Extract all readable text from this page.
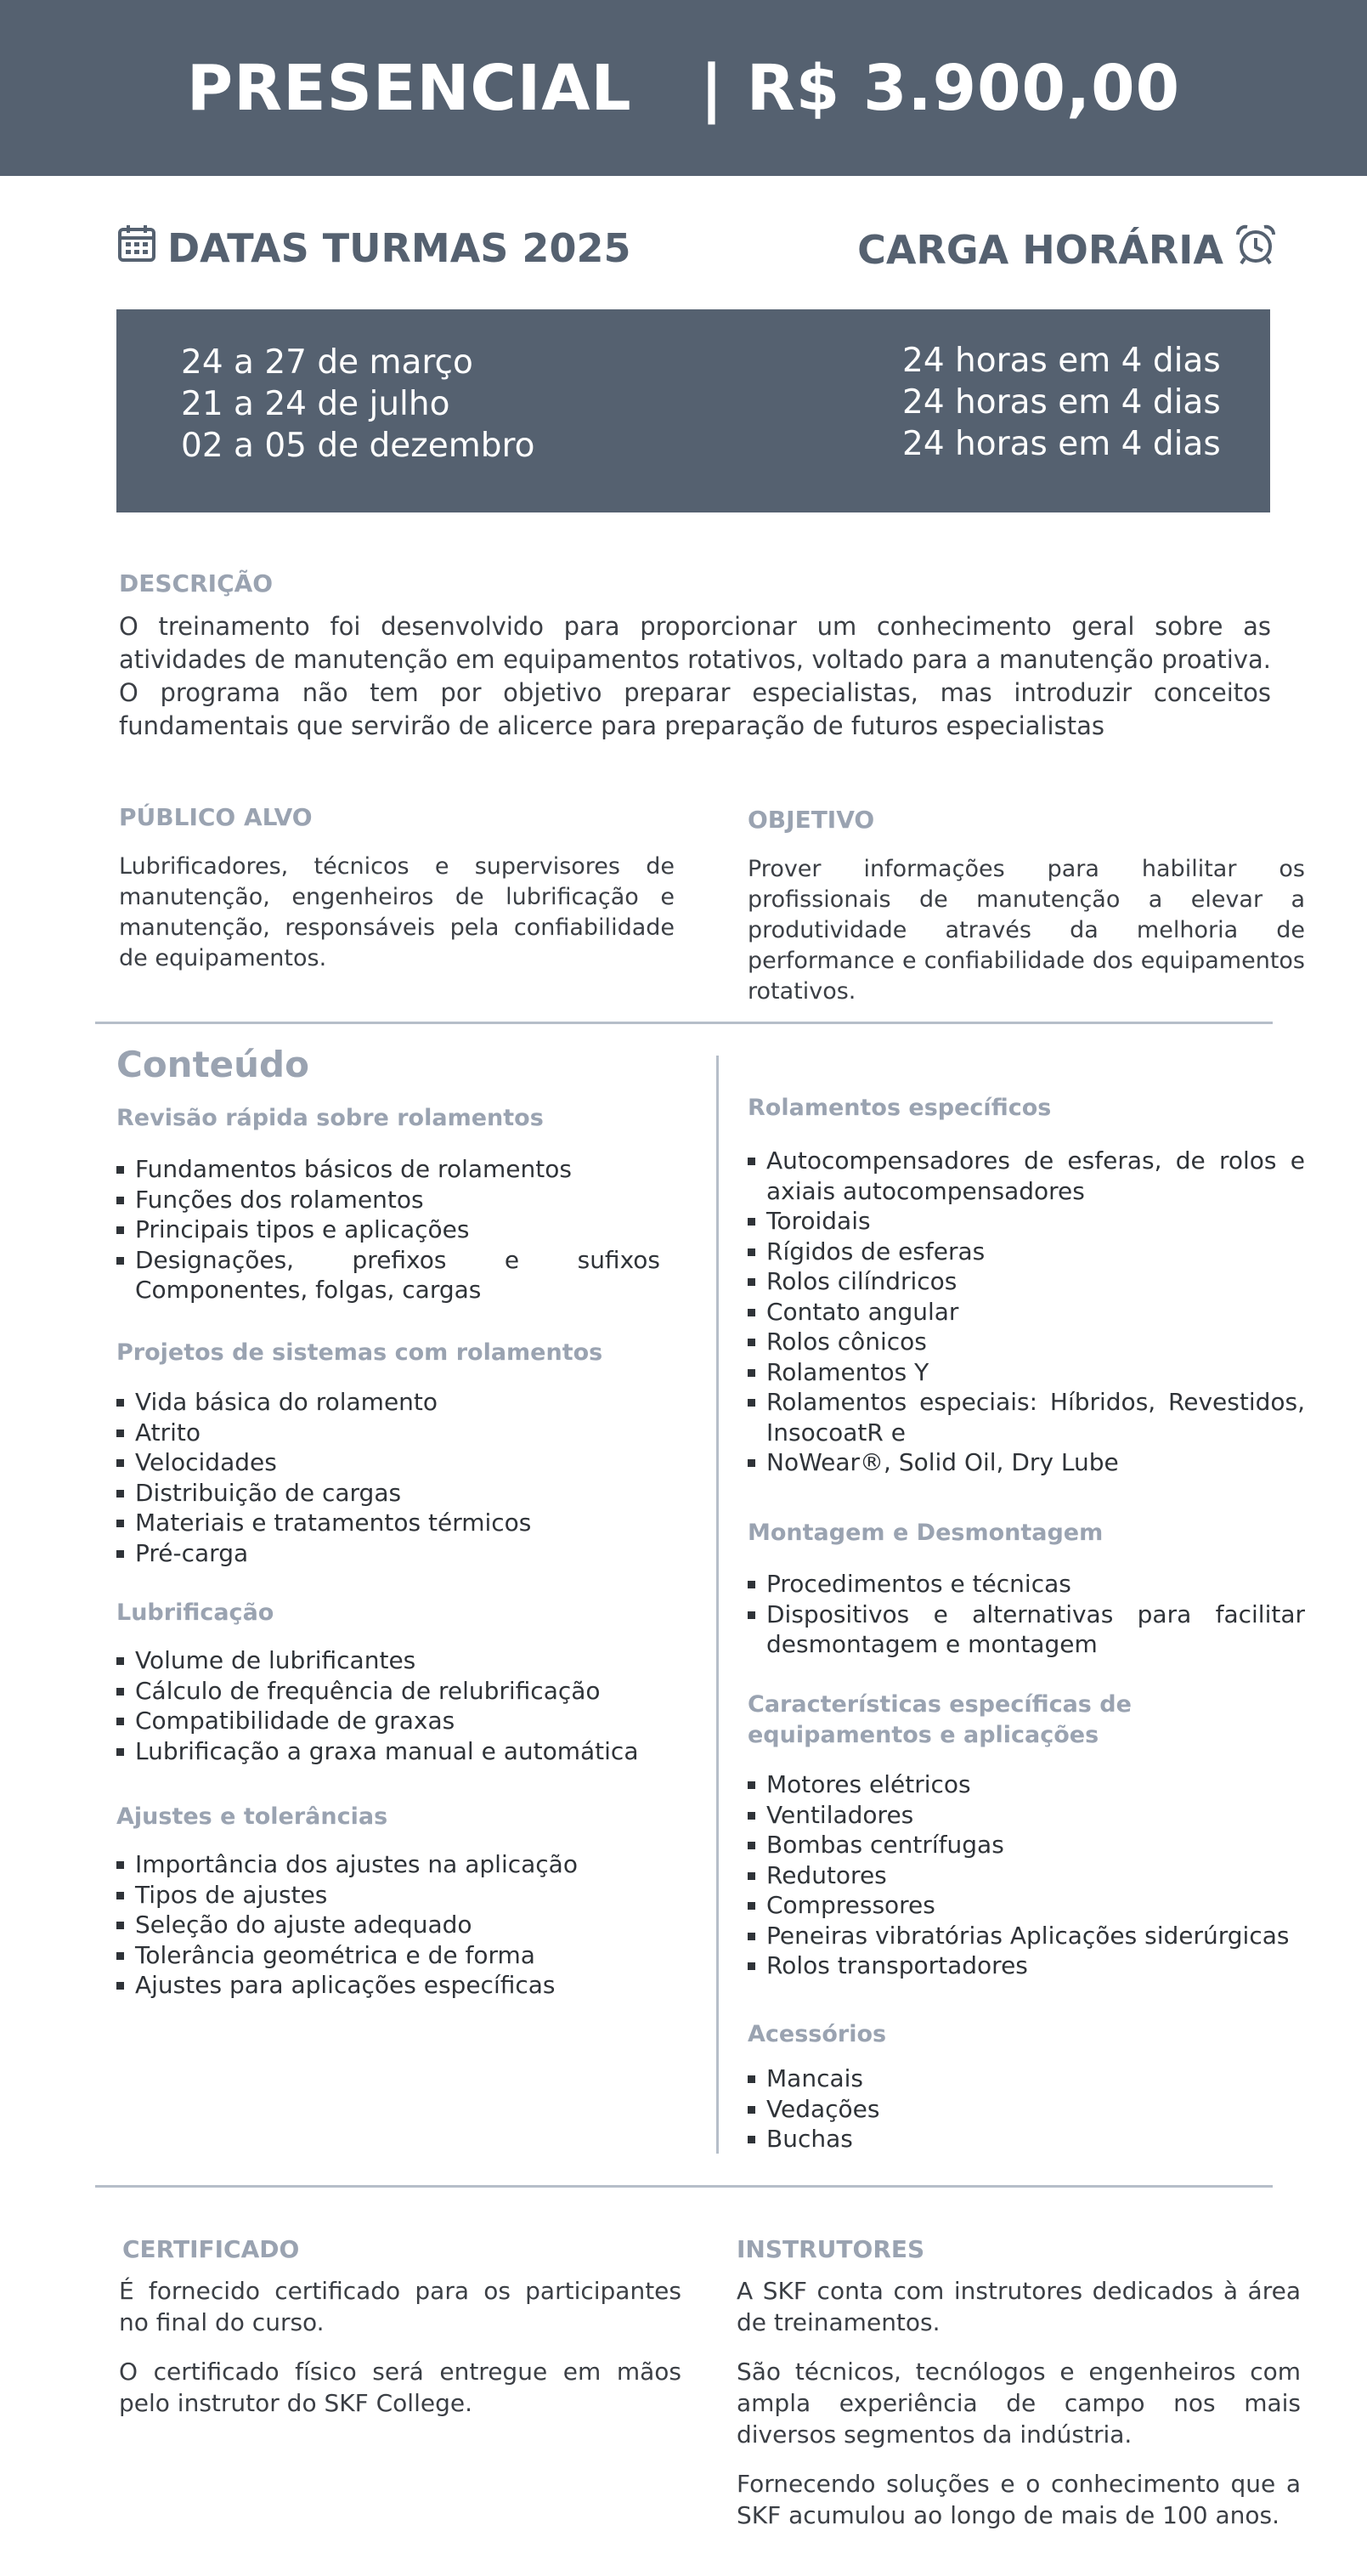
PRESENCIAL   | R$ 3.900,00
DATAS TURMAS 2025	CARGA HORÁRIA
24 a 27 de março
21 a 24 de julho
02 a 05 de dezembro
24 horas em 4 dias
24 horas em 4 dias
24 horas em 4 dias
DESCRIÇÃO
O treinamento foi desenvolvido para proporcionar um conhecimento geral sobre as atividades de manutenção em equipamentos rotativos, voltado para a manutenção proativa. O programa não tem por objetivo preparar especialistas, mas introduzir conceitos fundamentais que servirão de alicerce para preparação de futuros especialistas
PÚBLICO ALVO
Lubrificadores, técnicos e supervisores de manutenção, engenheiros de lubrificação e manutenção, responsáveis pela confiabilidade de equipamentos.
OBJETIVO
Prover informações para habilitar os profissionais de manutenção a elevar a produtividade através da melhoria de performance e confiabilidade dos equipamentos rotativos.
Conteúdo
Revisão rápida sobre rolamentos
Fundamentos básicos de rolamentos
Funções dos rolamentos
Principais tipos e aplicações
Designações, prefixos e sufixos Componentes, folgas, cargas
Projetos de sistemas com rolamentos
Vida básica do rolamento
Atrito
Velocidades
Distribuição de cargas
Materiais e tratamentos térmicos
Pré-carga
Lubrificação
Volume de lubrificantes
Cálculo de frequência de relubrificação
Compatibilidade de graxas
Lubrificação a graxa manual e automática
Ajustes e tolerâncias
Importância dos ajustes na aplicação
Tipos de ajustes
Seleção do ajuste adequado
Tolerância geométrica e de forma
Ajustes para aplicações específicas
Rolamentos específicos
Autocompensadores de esferas, de rolos e axiais autocompensadores
Toroidais
Rígidos de esferas
Rolos cilíndricos
Contato angular
Rolos cônicos
Rolamentos Y
Rolamentos especiais: Híbridos, Revestidos, InsocoatR e
NoWear®, Solid Oil, Dry Lube
Montagem e Desmontagem
Procedimentos e técnicas
Dispositivos e alternativas para facilitar desmontagem e montagem
Características específicas de equipamentos e aplicações
Motores elétricos
Ventiladores
Bombas centrífugas
Redutores
Compressores
Peneiras vibratórias Aplicações siderúrgicas
Rolos transportadores
Acessórios
Mancais
Vedações
Buchas
CERTIFICADO
É fornecido certificado para os participantes no final do curso.
O certificado físico será entregue em mãos pelo instrutor do SKF College.
INSTRUTORES
A SKF conta com instrutores dedicados à área de treinamentos.
São técnicos, tecnólogos e engenheiros com ampla experiência de campo nos mais diversos segmentos da indústria.
Fornecendo soluções e o conhecimento que a SKF acumulou ao longo de mais de 100 anos.
